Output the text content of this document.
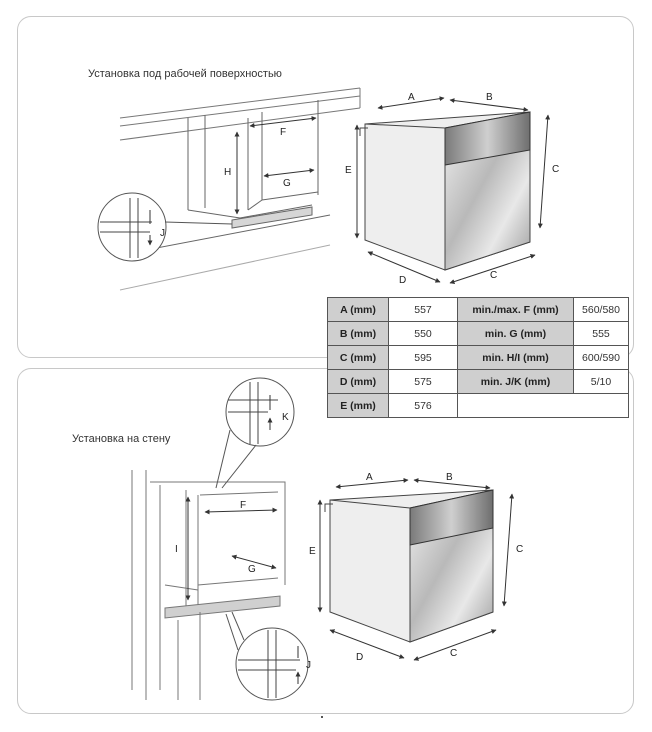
Установка под рабочей поверхностью
F
G
H
J
A	B
E	C
D	C
Установка на стену
F
G
I
K
J
A	B
E	C
D	C
A (mm)	557	min./max. F (mm)	560/580
B (mm)	550	min. G (mm)	555
C (mm)	595	min. H/I (mm)	600/590
D (mm)	575	min. J/K (mm)	5/10
E (mm)	576		
